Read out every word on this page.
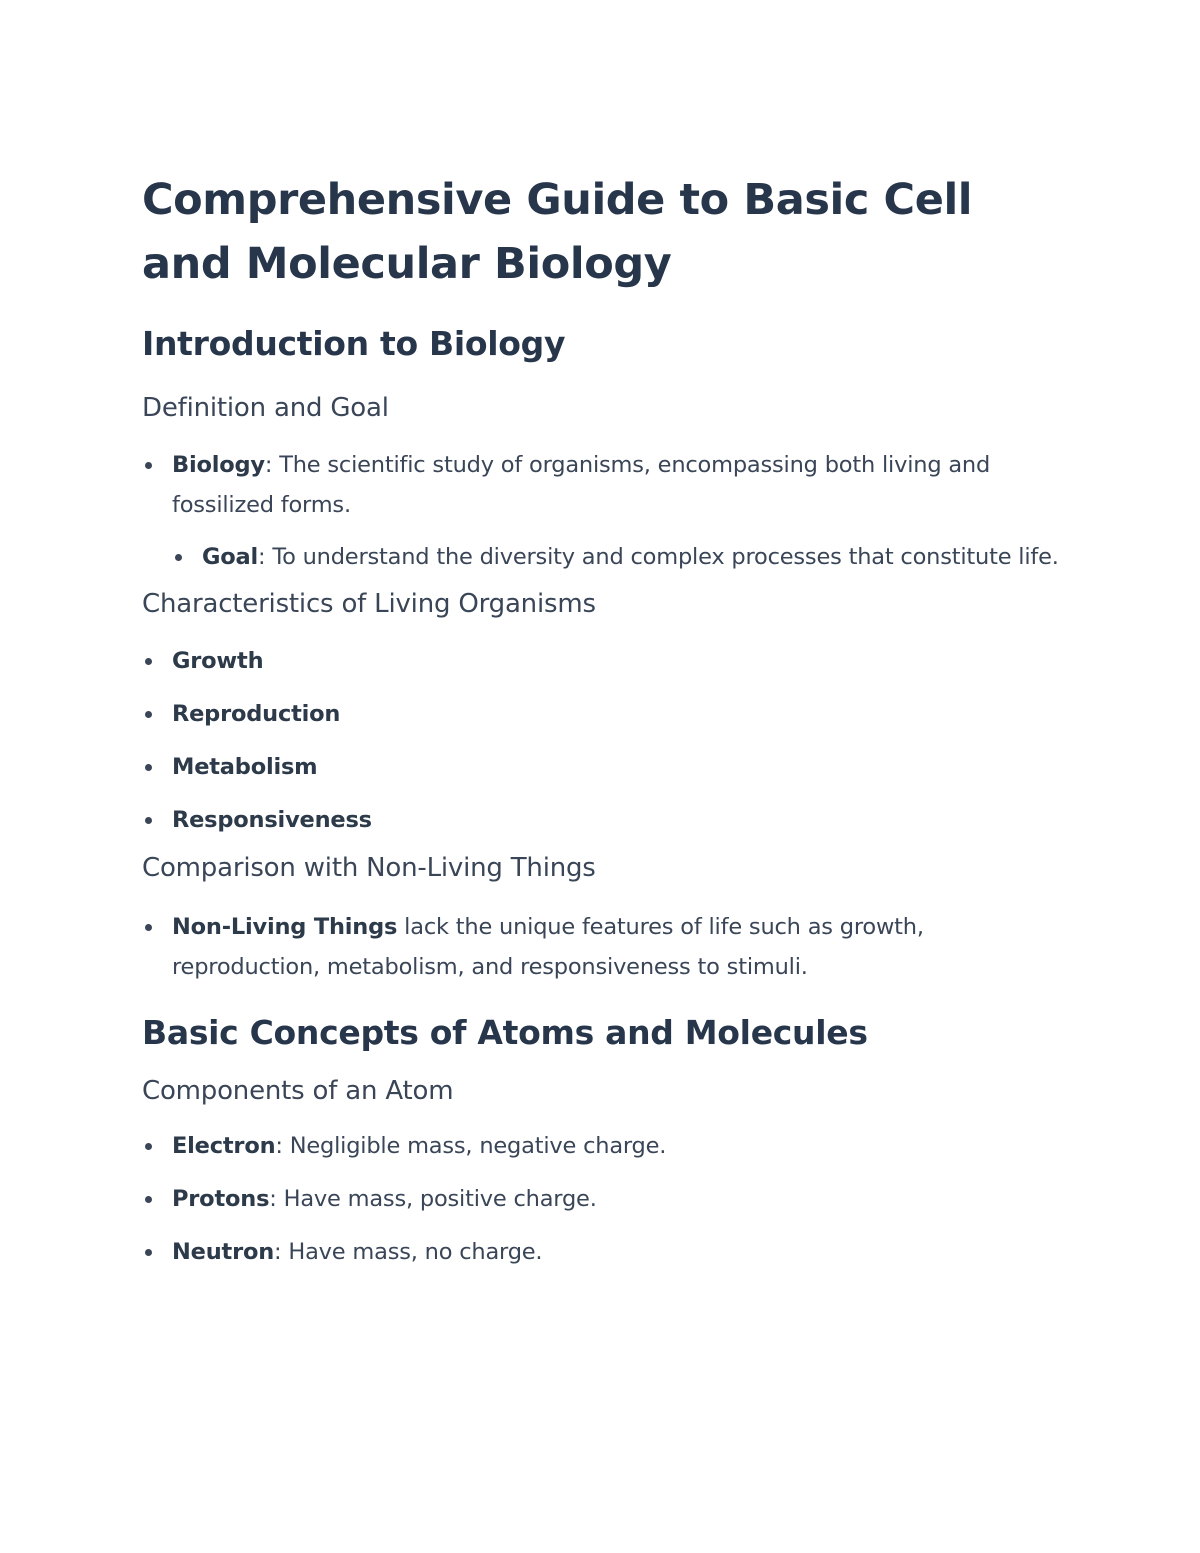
Comprehensive Guide to Basic Cell and Molecular Biology
Introduction to Biology
Definition and Goal
Biology: The scientific study of organisms, encompassing both living and fossilized forms.
Goal: To understand the diversity and complex processes that constitute life.
Characteristics of Living Organisms
Growth
Reproduction
Metabolism
Responsiveness
Comparison with Non-Living Things
Non-Living Things lack the unique features of life such as growth, reproduction, metabolism, and responsiveness to stimuli.
Basic Concepts of Atoms and Molecules
Components of an Atom
Electron: Negligible mass, negative charge.
Protons: Have mass, positive charge.
Neutron: Have mass, no charge.
